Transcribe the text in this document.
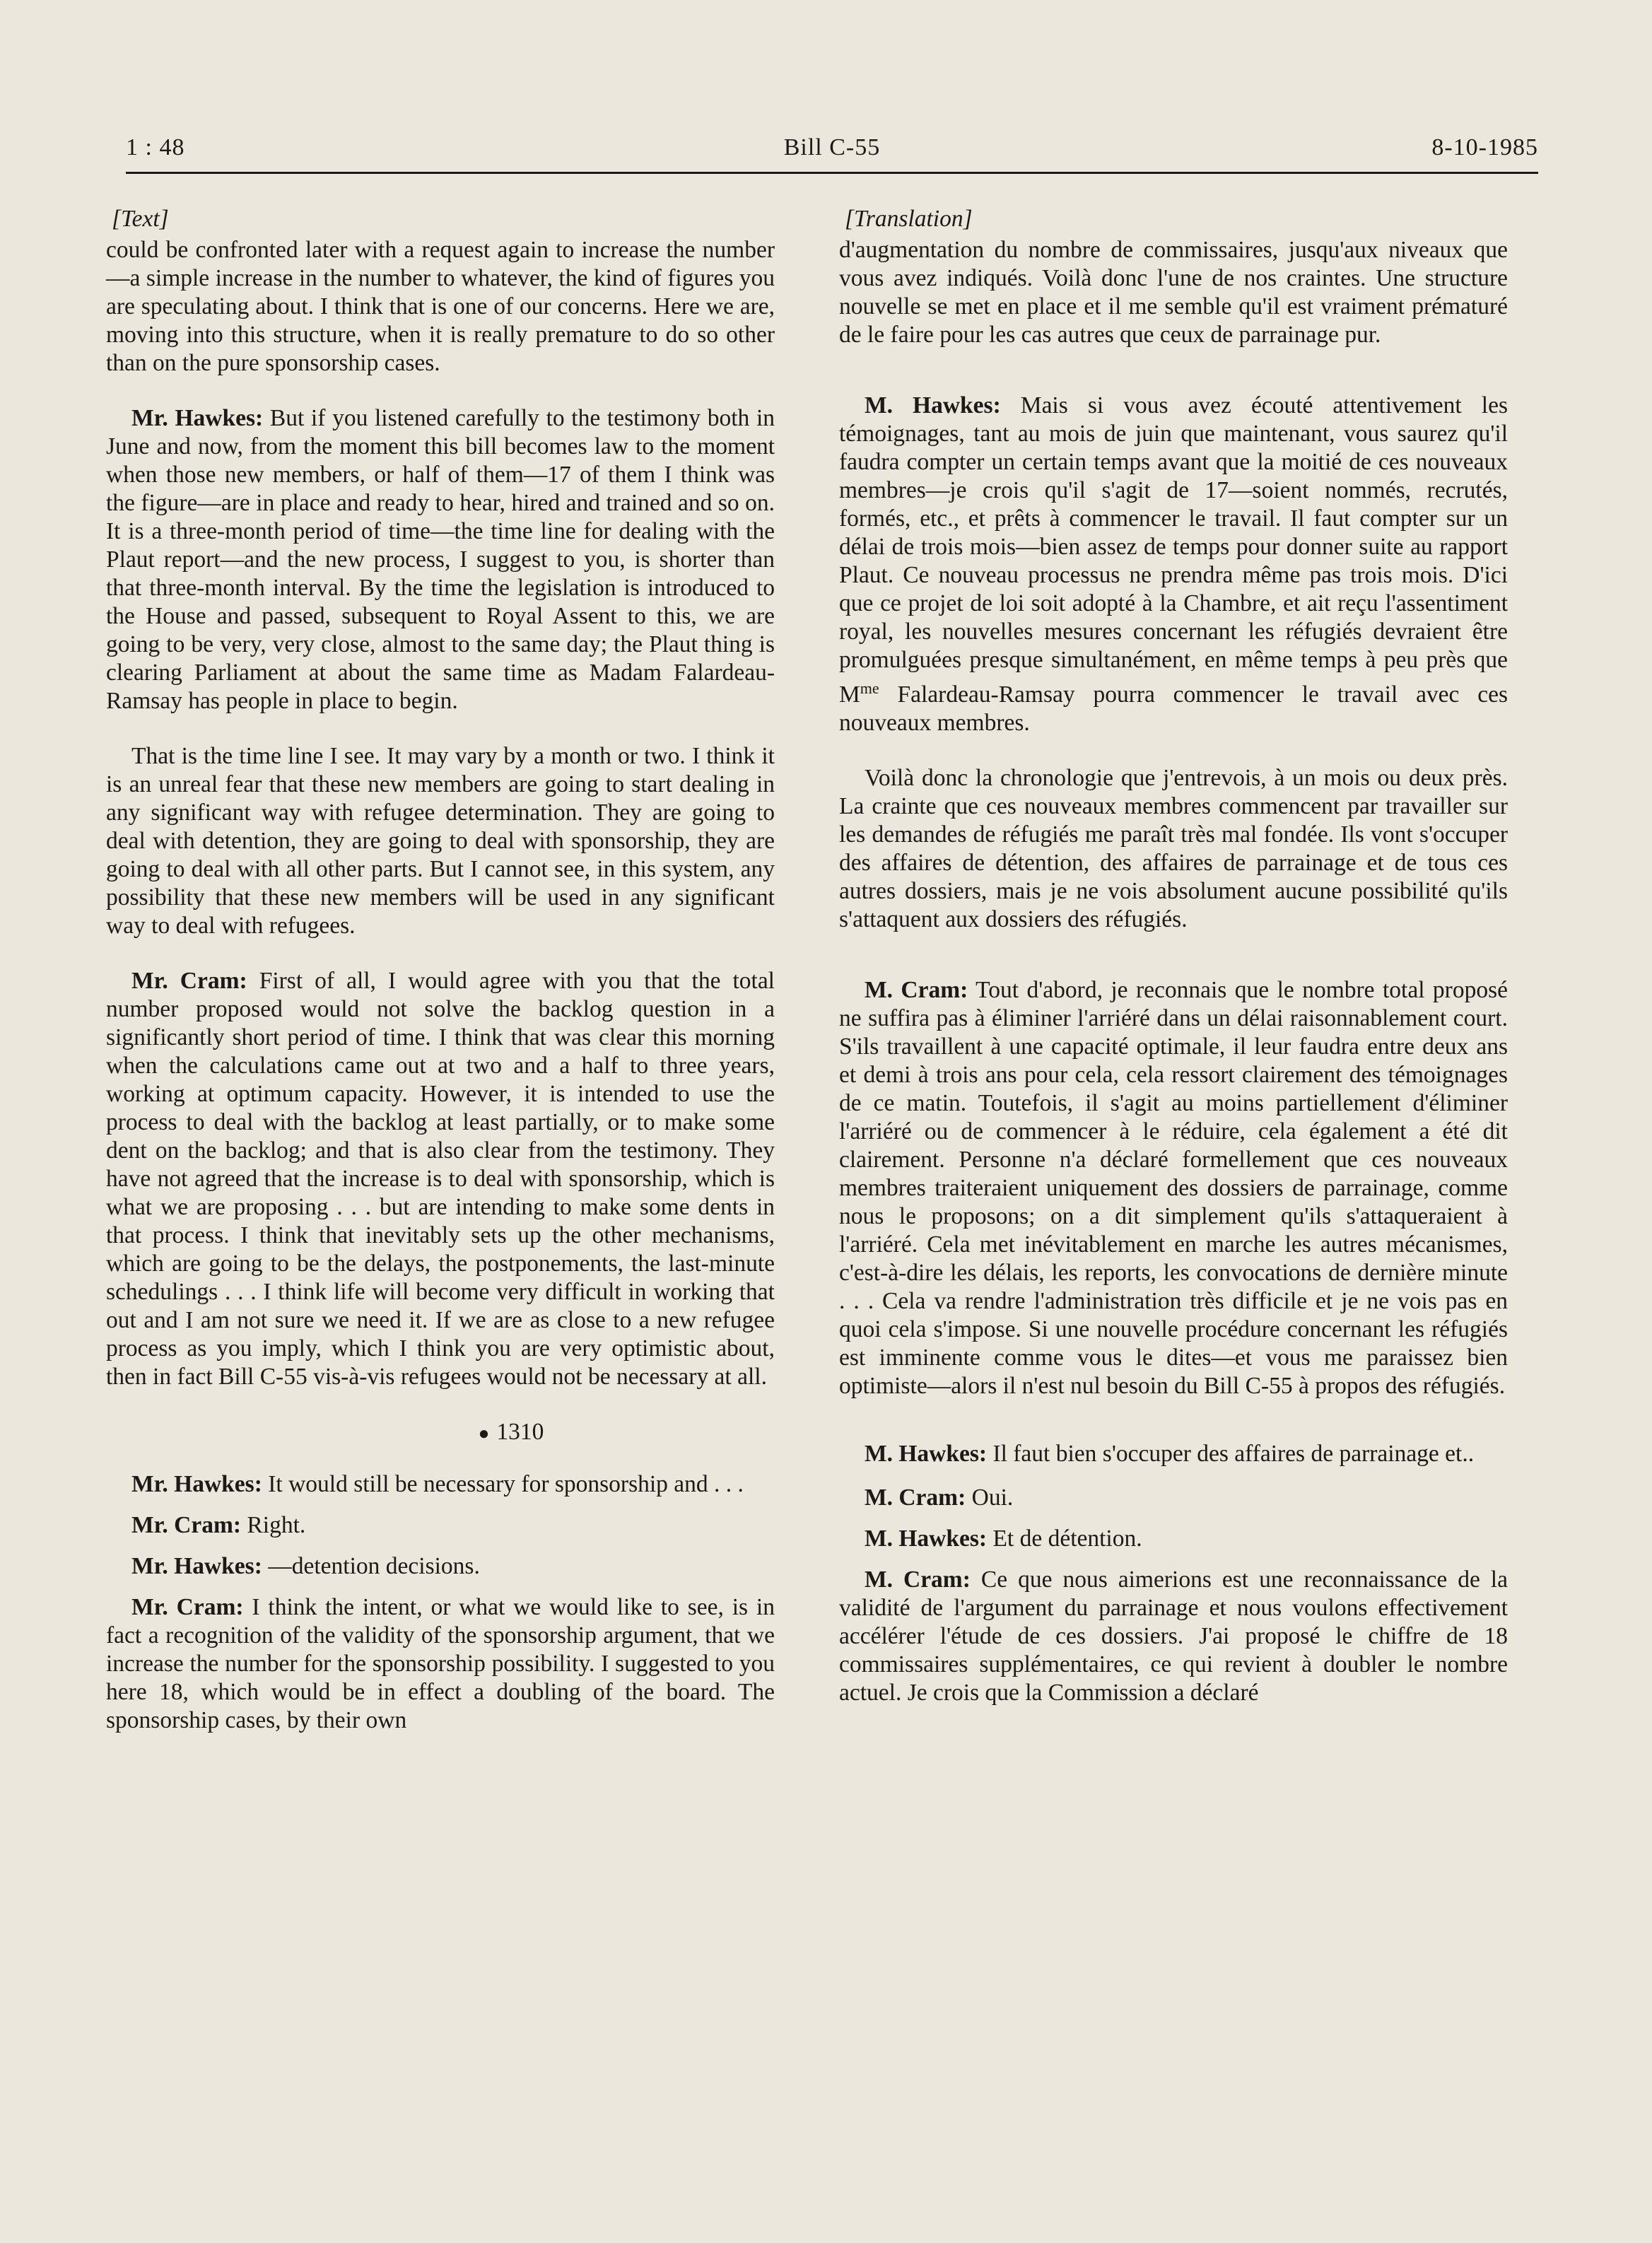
1 : 48	Bill C-55	8-10-1985
[Text]

could be confronted later with a request again to increase the number—a simple increase in the number to whatever, the kind of figures you are speculating about. I think that is one of our concerns. Here we are, moving into this structure, when it is really premature to do so other than on the pure sponsorship cases.

Mr. Hawkes: But if you listened carefully to the testimony both in June and now, from the moment this bill becomes law to the moment when those new members, or half of them—17 of them I think was the figure—are in place and ready to hear, hired and trained and so on. It is a three-month period of time—the time line for dealing with the Plaut report—and the new process, I suggest to you, is shorter than that three-month interval. By the time the legislation is introduced to the House and passed, subsequent to Royal Assent to this, we are going to be very, very close, almost to the same day; the Plaut thing is clearing Parliament at about the same time as Madam Falardeau-Ramsay has people in place to begin.

That is the time line I see. It may vary by a month or two. I think it is an unreal fear that these new members are going to start dealing in any significant way with refugee determination. They are going to deal with detention, they are going to deal with sponsorship, they are going to deal with all other parts. But I cannot see, in this system, any possibility that these new members will be used in any significant way to deal with refugees.

Mr. Cram: First of all, I would agree with you that the total number proposed would not solve the backlog question in a significantly short period of time. I think that was clear this morning when the calculations came out at two and a half to three years, working at optimum capacity. However, it is intended to use the process to deal with the backlog at least partially, or to make some dent on the backlog; and that is also clear from the testimony. They have not agreed that the increase is to deal with sponsorship, which is what we are proposing . . . but are intending to make some dents in that process. I think that inevitably sets up the other mechanisms, which are going to be the delays, the postponements, the last-minute schedulings . . . I think life will become very difficult in working that out and I am not sure we need it. If we are as close to a new refugee process as you imply, which I think you are very optimistic about, then in fact Bill C-55 vis-à-vis refugees would not be necessary at all.

● 1310

Mr. Hawkes: It would still be necessary for sponsorship and . . .

Mr. Cram: Right.

Mr. Hawkes: —detention decisions.

Mr. Cram: I think the intent, or what we would like to see, is in fact a recognition of the validity of the sponsorship argument, that we increase the number for the sponsorship possibility. I suggested to you here 18, which would be in effect a doubling of the board. The sponsorship cases, by their own

[Translation]

d'augmentation du nombre de commissaires, jusqu'aux niveaux que vous avez indiqués. Voilà donc l'une de nos craintes. Une structure nouvelle se met en place et il me semble qu'il est vraiment prématuré de le faire pour les cas autres que ceux de parrainage pur.

M. Hawkes: Mais si vous avez écouté attentivement les témoignages, tant au mois de juin que maintenant, vous saurez qu'il faudra compter un certain temps avant que la moitié de ces nouveaux membres—je crois qu'il s'agit de 17—soient nommés, recrutés, formés, etc., et prêts à commencer le travail. Il faut compter sur un délai de trois mois—bien assez de temps pour donner suite au rapport Plaut. Ce nouveau processus ne prendra même pas trois mois. D'ici que ce projet de loi soit adopté à la Chambre, et ait reçu l'assentiment royal, les nouvelles mesures concernant les réfugiés devraient être promulguées presque simultanément, en même temps à peu près que $M^{me}$ Falardeau-Ramsay pourra commencer le travail avec ces nouveaux membres.

Voilà donc la chronologie que j'entrevois, à un mois ou deux près. La crainte que ces nouveaux membres commencent par travailler sur les demandes de réfugiés me paraît très mal fondée. Ils vont s'occuper des affaires de détention, des affaires de parrainage et de tous ces autres dossiers, mais je ne vois absolument aucune possibilité qu'ils s'attaquent aux dossiers des réfugiés.

M. Cram: Tout d'abord, je reconnais que le nombre total proposé ne suffira pas à éliminer l'arriéré dans un délai raisonnablement court. S'ils travaillent à une capacité optimale, il leur faudra entre deux ans et demi à trois ans pour cela, cela ressort clairement des témoignages de ce matin. Toutefois, il s'agit au moins partiellement d'éliminer l'arriéré ou de commencer à le réduire, cela également a été dit clairement. Personne n'a déclaré formellement que ces nouveaux membres traiteraient uniquement des dossiers de parrainage, comme nous le proposons; on a dit simplement qu'ils s'attaqueraient à l'arriéré. Cela met inévitablement en marche les autres mécanismes, c'est-à-dire les délais, les reports, les convocations de dernière minute . . . Cela va rendre l'administration très difficile et je ne vois pas en quoi cela s'impose. Si une nouvelle procédure concernant les réfugiés est imminente comme vous le dites—et vous me paraissez bien optimiste—alors il n'est nul besoin du Bill C-55 à propos des réfugiés.

M. Hawkes: Il faut bien s'occuper des affaires de parrainage et..

M. Cram: Oui.

M. Hawkes: Et de détention.

M. Cram: Ce que nous aimerions est une reconnaissance de la validité de l'argument du parrainage et nous voulons effectivement accélérer l'étude de ces dossiers. J'ai proposé le chiffre de 18 commissaires supplémentaires, ce qui revient à doubler le nombre actuel. Je crois que la Commission a déclaré
